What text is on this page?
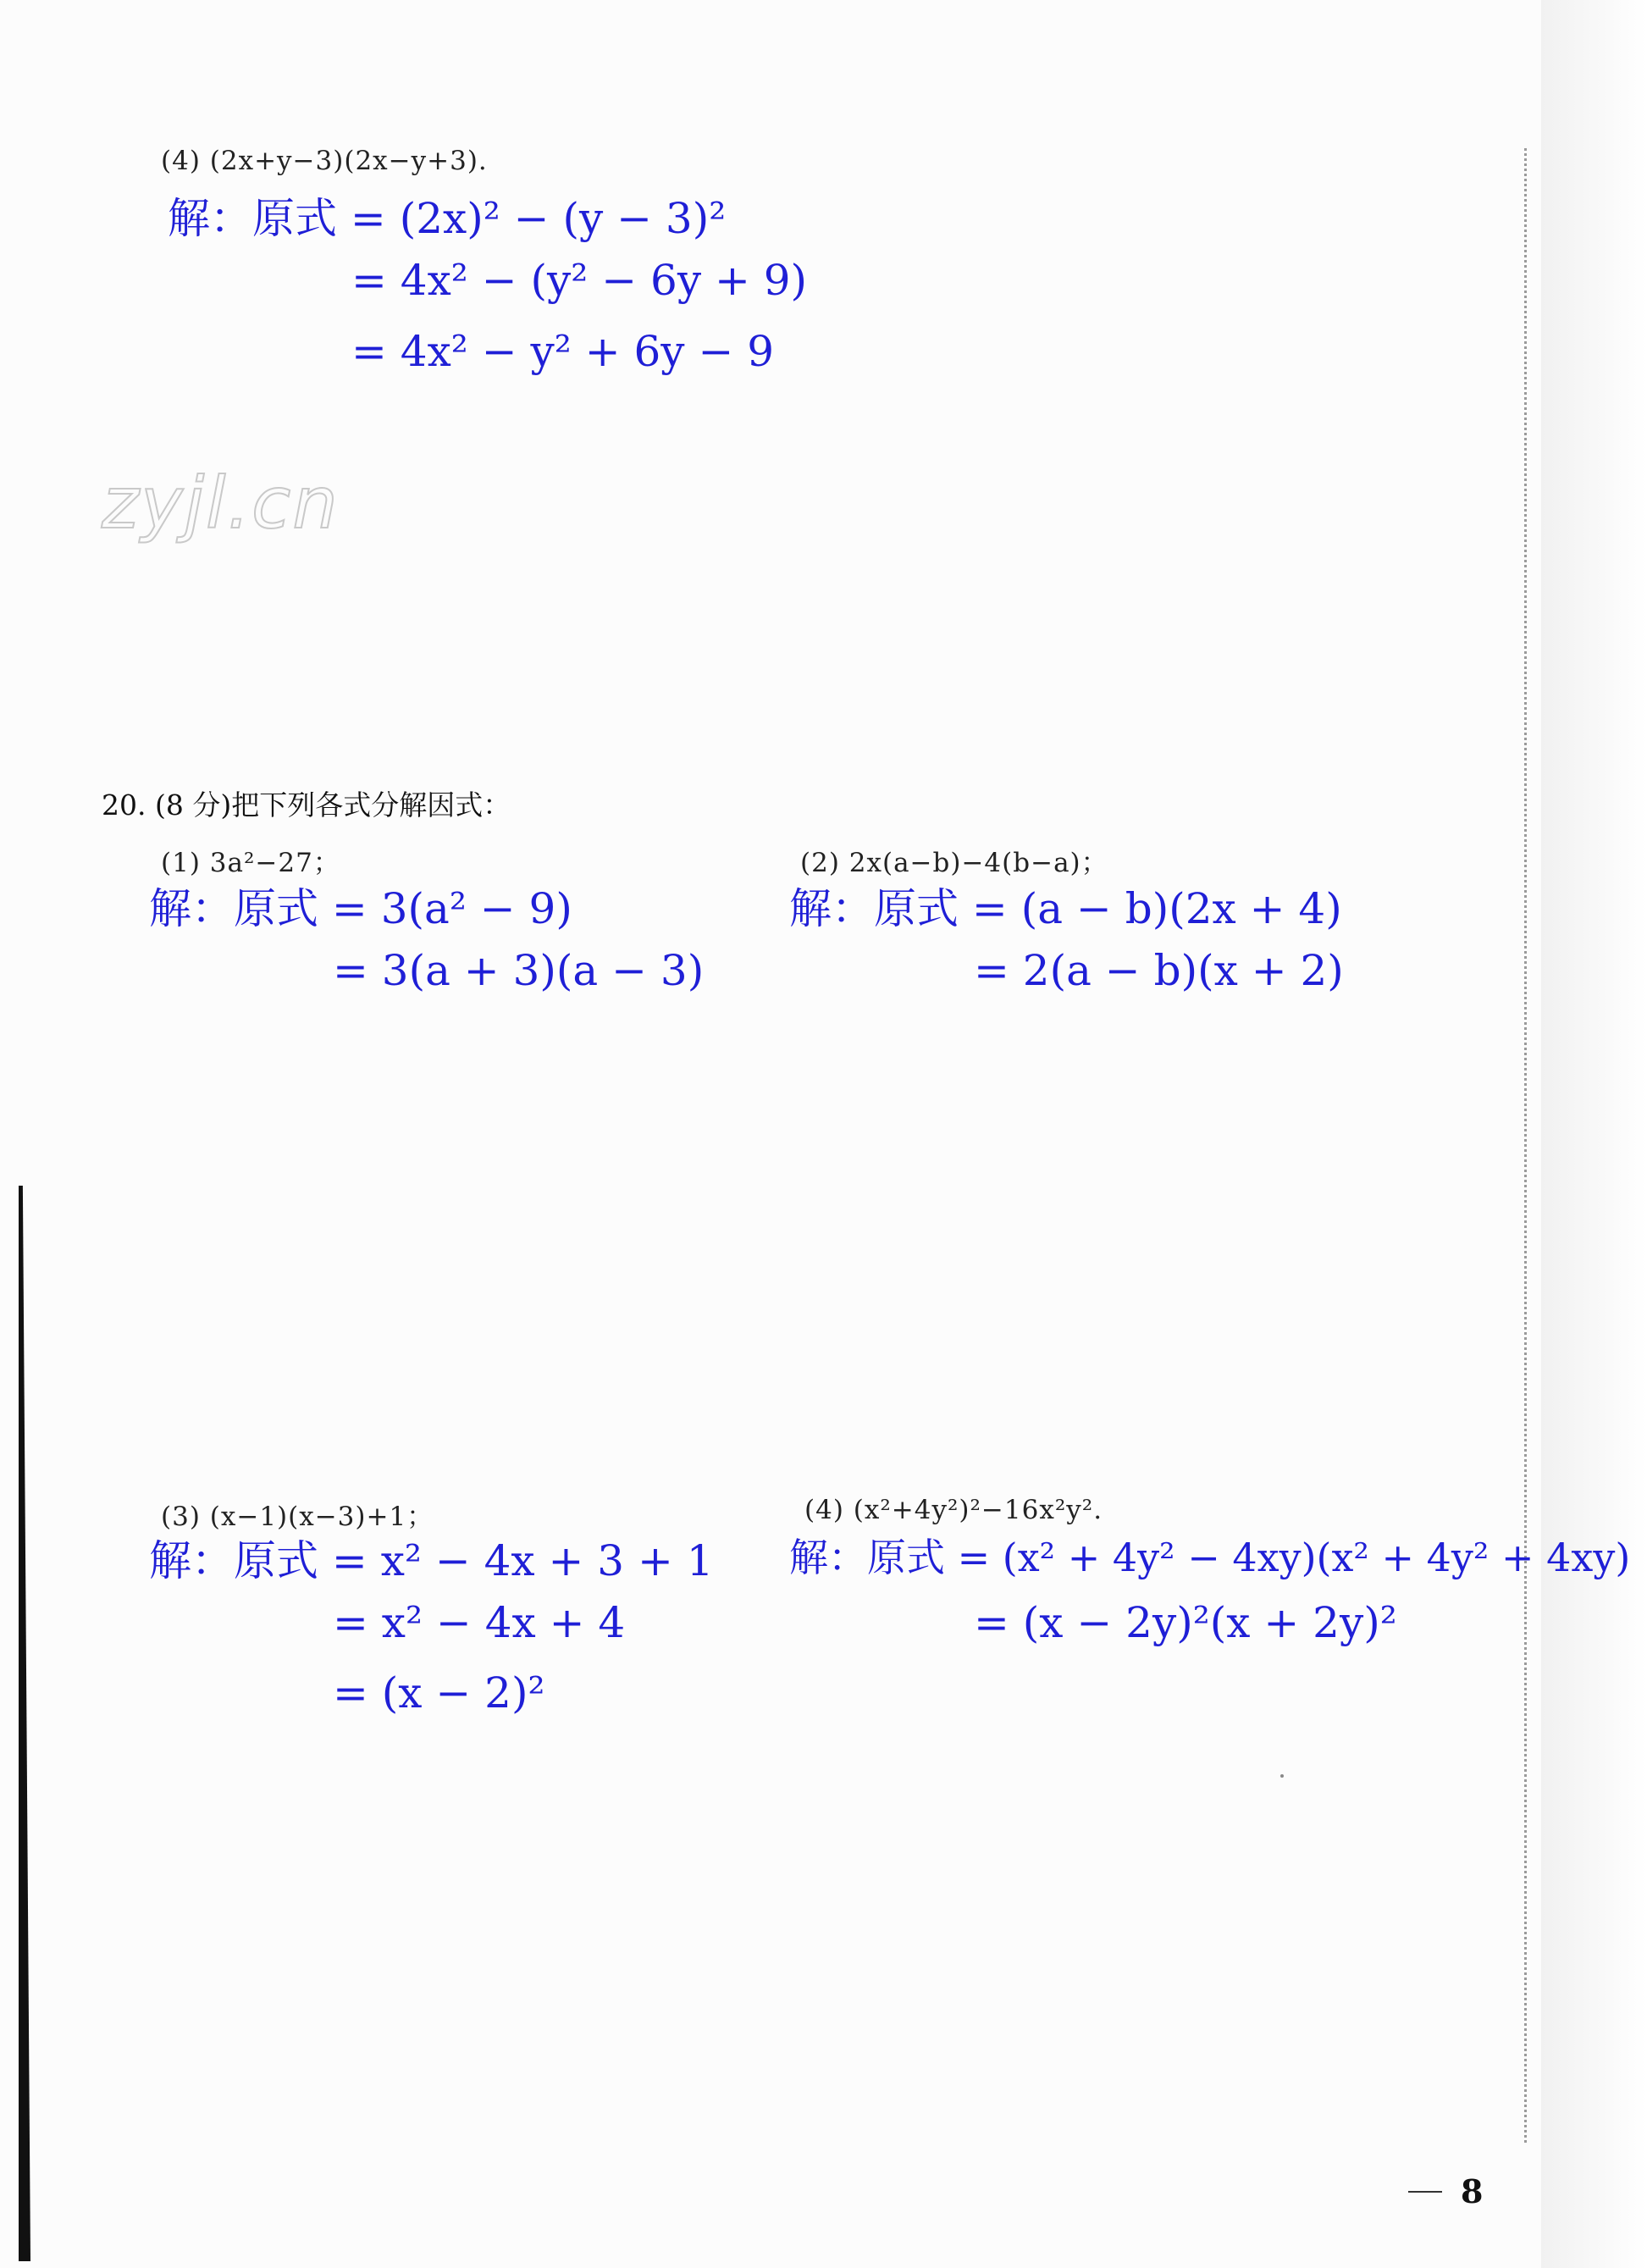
(4) (2x+y−3)(2x−y+3).
解：原式 = (2x)² − (y − 3)²
= 4x² − (y² − 6y + 9)
= 4x² − y² + 6y − 9
zyjl.cn
20. (8 分)把下列各式分解因式：
(1) 3a²−27；
解：原式 = 3(a² − 9)
= 3(a + 3)(a − 3)
(2) 2x(a−b)−4(b−a)；
解：原式 = (a − b)(2x + 4)
= 2(a − b)(x + 2)
(3) (x−1)(x−3)+1；
解：原式 = x² − 4x + 3 + 1
= x² − 4x + 4
= (x − 2)²
(4) (x²+4y²)²−16x²y².
解：原式 = (x² + 4y² − 4xy)(x² + 4y² + 4xy)
= (x − 2y)²(x + 2y)²
8
